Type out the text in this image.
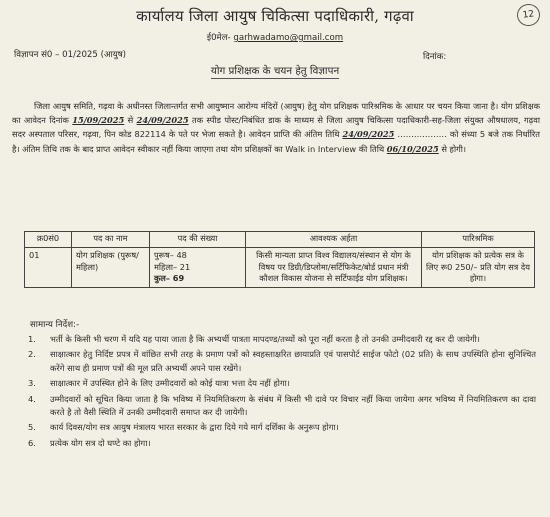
12
कार्यालय जिला आयुष चिकित्सा पदाधिकारी, गढ़वा
ई0मेल- garhwadamo@gmail.com
विज्ञापन सं0 – 01/2025 (आयुष)	दिनांक:
योग प्रशिक्षक के चयन हेतु विज्ञापन
जिला आयुष समिति, गढ़वा के अधीनस्त जिलान्तर्गत सभी आयुष्मान आरोग्य मंदिरों (आयुष) हेतु योग प्रशिक्षक पारिश्रमिक के आधार पर चयन किया जाना है। योग प्रशिक्षक का आवेदन दिनांक 15/09/2025 से 24/09/2025 तक स्पीड पोस्ट/निबंधित डाक के माध्यम से जिला आयुष चिकित्सा पदाधिकारी-सह-जिला संयुक्त औषधालय, गढ़वा सदर अस्पताल परिसर, गढ़वा, पिन कोड 822114 के पते पर भेजा सकते है। आवेदन प्राप्ति की अंतिम तिथि 24/09/2025 ……………… को संध्या 5 बजे तक निर्धारित है। अंतिम तिथि तक के बाद प्राप्त आवेदन स्वीकार नहीं किया जाएगा तथा योग प्रशिक्षकों का Walk in Interview की तिथि 06/10/2025 से होगी।
क्र0सं0	पद का नाम	पद की संख्या	आवश्यक अर्हता	पारिश्रमिक

01	योग प्रशिक्षक (पुरूष/महिला)	पुरूष– 48
महिला– 21
कुल– 69	किसी मान्यता प्राप्त विश्व विद्यालय/संस्थान से योग के विषय पर डिग्री/डिप्लोमा/सर्टिफिकेट/बोर्ड प्रधान मंत्री कौशल विकास योजना से सर्टिफाईड योग प्रशिक्षक।	योग प्रशिक्षक को प्रत्येक सत्र के लिए रू0 250/– प्रति योग सत्र देय होगा।
सामान्य निर्देश:-
1. भर्ती के किसी भी चरण में यदि यह पाया जाता है कि अभ्यर्थी पात्रता मापदण्ड/तथ्यों को पूरा नहीं करता है तो उनकी उम्मीदवारी रद्द कर दी जायेगी।
2. साक्षात्कार हेतु निर्दिष्ट प्रपत्र में वांछित सभी तरह के प्रमाण पत्रों को स्वहस्ताक्षरित छायाप्रति एवं पासपोर्ट साईज फोटो (02 प्रति) के साथ उपस्थिति होना सुनिश्चित करेंगे साथ ही प्रमाण पत्रों की मूल प्रति अभ्यर्थी अपने पास रखेंगे।
3. साक्षात्कार में उपस्थित होने के लिए उम्मीदवारों को कोई यात्रा भत्ता देय नहीं होगा।
4. उम्मीदवारों को सूचित किया जाता है कि भविष्य में नियमितिकरण के संबंध में किसी भी दावे पर विचार नहीं किया जायेगा अगर भविष्य में नियमितिकरण का दावा करते है तो वैसी स्थिति में उनकी उम्मीदवारी समाप्त कर दी जायेगी।
5. कार्य दिवस/योग सत्र आयुष मंत्रालय भारत सरकार के द्वारा दिये गये मार्ग दर्शिका के अनुरूप होगा।
6. प्रत्येक योग सत्र दो घण्टे का होगा।
